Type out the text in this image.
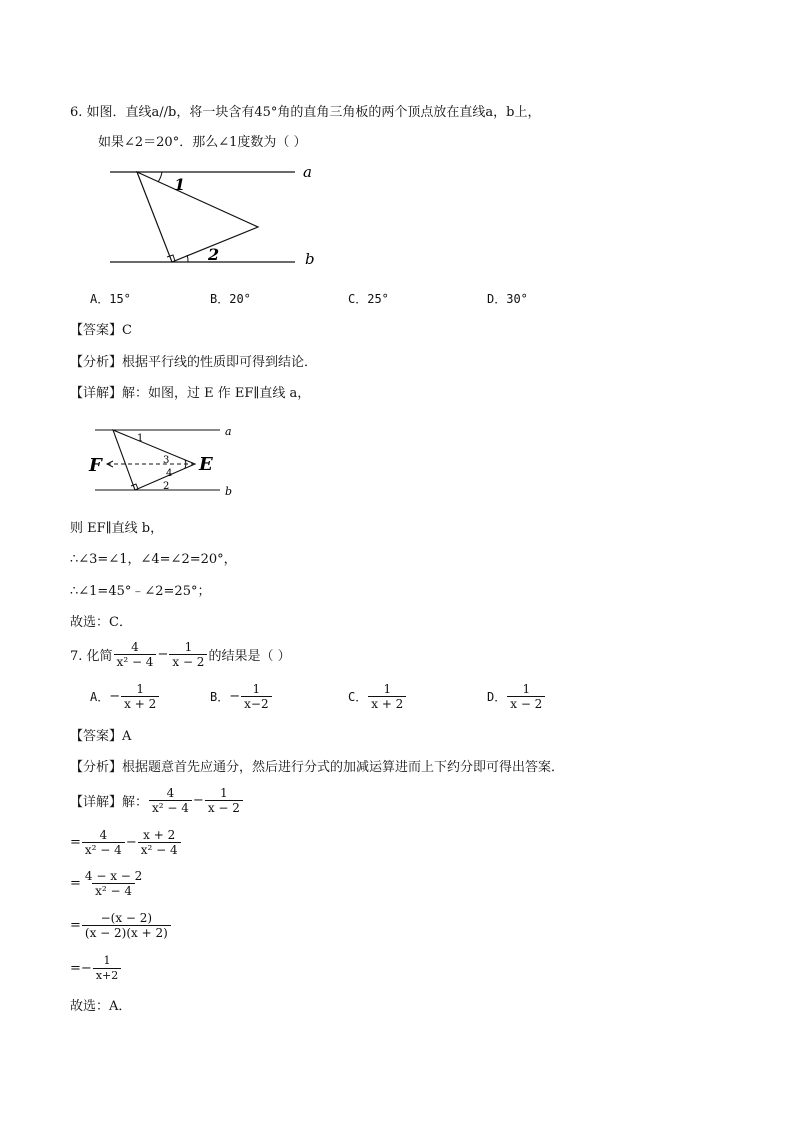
6. 如图．直线a//b，将一块含有45°角的直角三角板的两个顶点放在直线a，b上，
如果∠2＝20°．那么∠1度数为（ ）
1
2
a
b
A．15°	B．20°	C．25°	D．30°
【答案】C
【分析】根据平行线的性质即可得到结论．
【详解】解：如图，过 E 作 EF∥直线 a，
1
2
3
4
F	E
a
b
则 EF∥直线 b，
∴∠3=∠1，∠4=∠2=20°，
∴∠1=45°﹣∠2=25°；
故选：C．
7. 化简 $\frac{4}{\text{x² − 4}} - \frac{1}{x - 2}$ 的结果是（ ）
A． − $\frac{1}{x + 2}$	B． − $\frac{1}{x-2}$	C． $\frac{1}{x + 2}$	D． $\frac{1}{x - 2}$
【答案】A
【分析】根据题意首先应通分，然后进行分式的加减运算进而上下约分即可得出答案．
【详解】解： $\frac{4}{\text{x² − 4}} - \frac{1}{x - 2}$
= $\frac{4}{\text{x² − 4}} - \frac{x + 2}{\text{x² − 4}}$
= $\frac{4 - x - 2}{\text{x² − 4}}$
= $\frac{-(x - 2)}{(x - 2)(x + 2)}$
= − $\frac{1}{x+2}$
故选：A．
